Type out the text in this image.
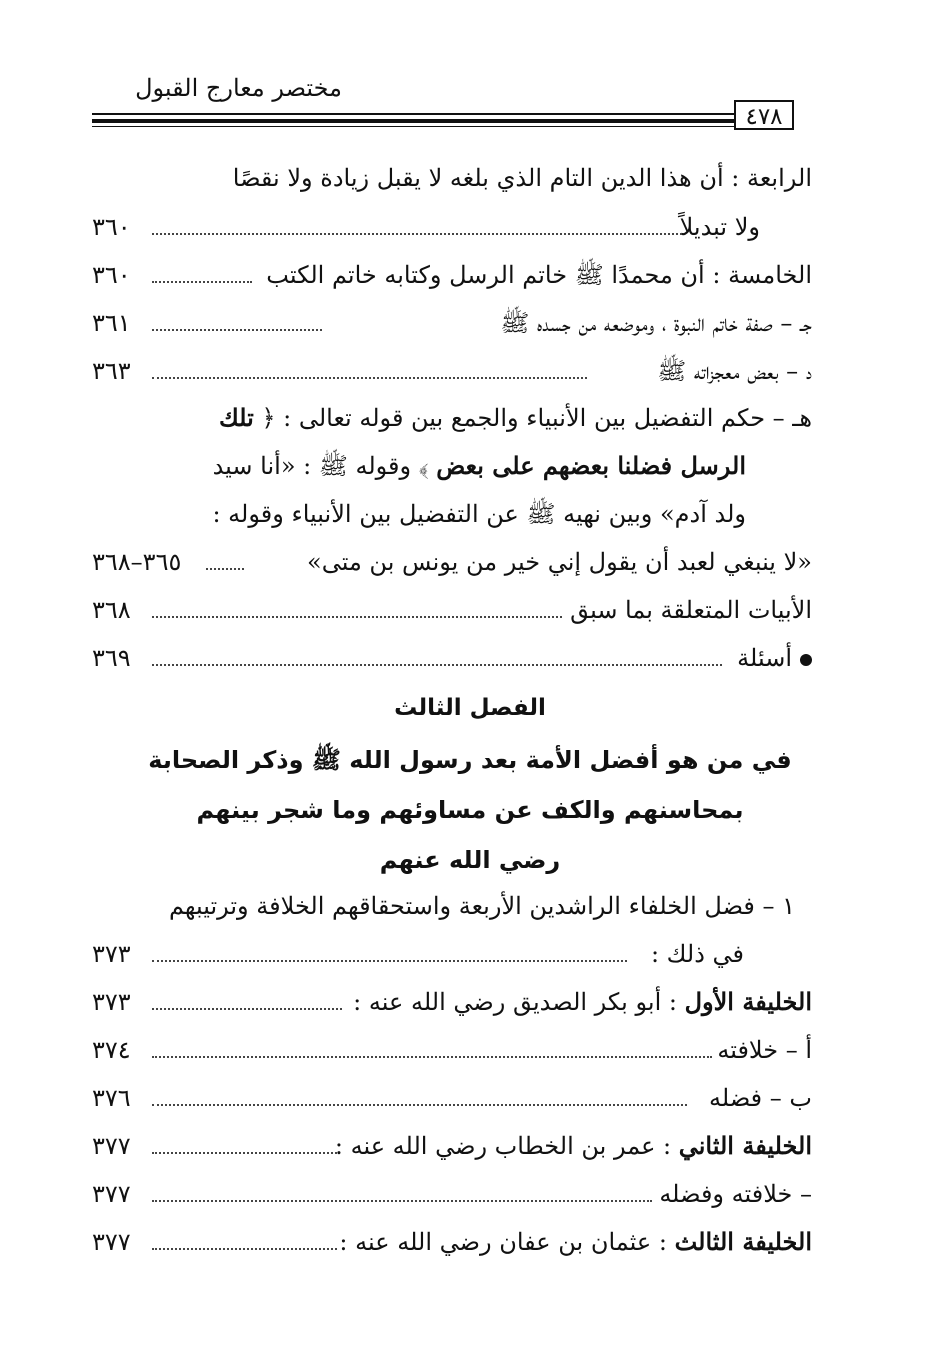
مختصر معارج القبول
٤٧٨
الرابعة : أن هذا الدين التام الذي بلغه لا يقبل زيادة ولا نقصًا
ولا تبديلاً
٣٦٠
الخامسة : أن محمدًا ﷺ خاتم الرسل وكتابه خاتم الكتب
٣٦٠
جـ – صفة خاتم النبوة ، وموضعه من جسده ﷺ
٣٦١
د – بعض معجزاته ﷺ
٣٦٣
هـ – حكم التفضيل بين الأنبياء والجمع بين قوله تعالى : ﴿ تلك
الرسل فضلنا بعضهم على بعض ﴾ وقوله ﷺ : «أنا سيد
ولد آدم» وبين نهيه ﷺ عن التفضيل بين الأنبياء وقوله :
«لا ينبغي لعبد أن يقول إني خير من يونس بن متى»
٣٦٥–٣٦٨
الأبيات المتعلقة بما سبق
٣٦٨
أسئلة
٣٦٩
الفصل الثالث
في من هو أفضل الأمة بعد رسول الله ﷺ وذكر الصحابة
بمحاسنهم والكف عن مساوئهم وما شجر بينهم
رضي الله عنهم
١ – فضل الخلفاء الراشدين الأربعة واستحقاقهم الخلافة وترتيبهم
في ذلك :
٣٧٣
الخليفة الأول : أبو بكر الصديق رضي الله عنه :
٣٧٣
أ – خلافته
٣٧٤
ب – فضله
٣٧٦
الخليفة الثاني : عمر بن الخطاب رضي الله عنه :
٣٧٧
– خلافته وفضله
٣٧٧
الخليفة الثالث : عثمان بن عفان رضي الله عنه :
٣٧٧
